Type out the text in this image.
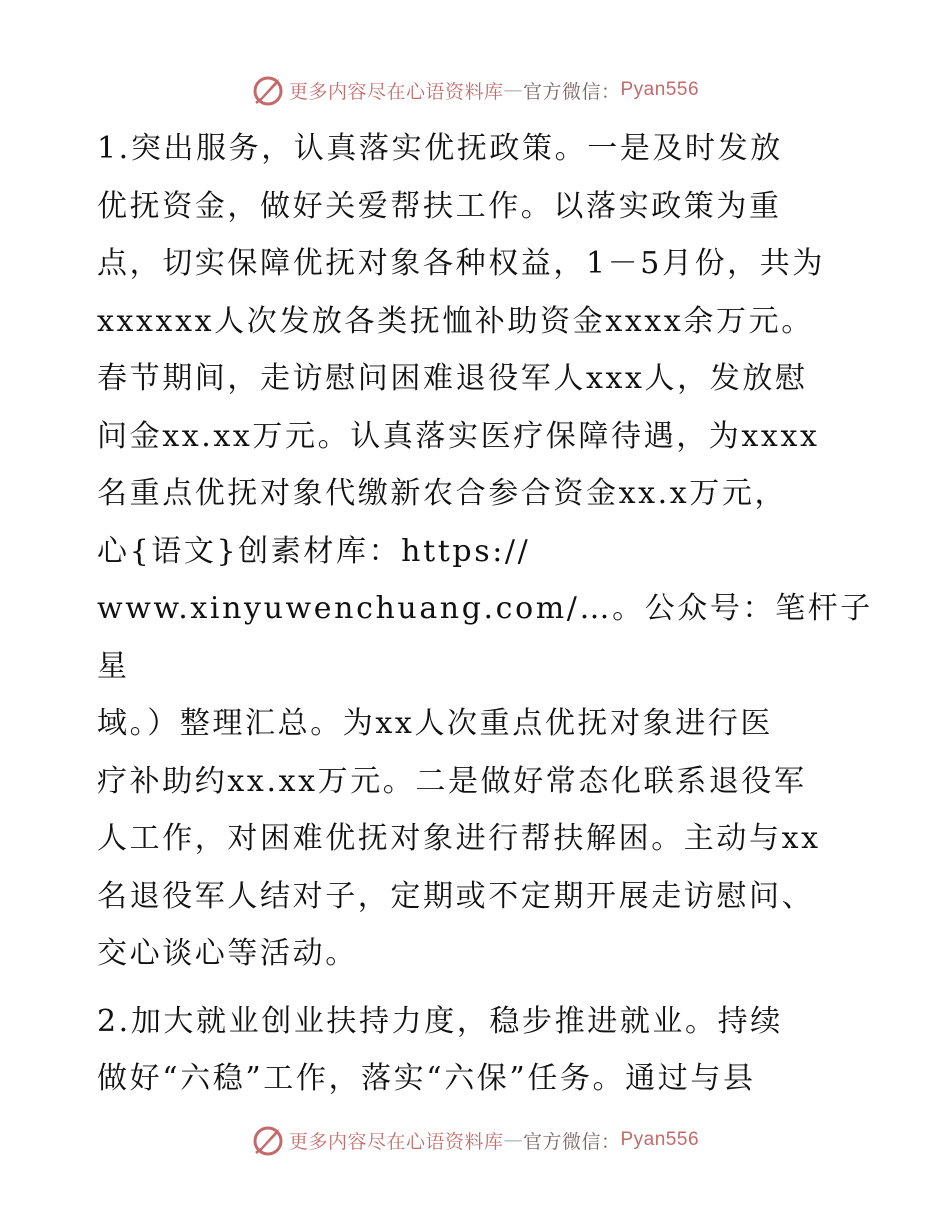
更多内容尽在心语资料库 — 官方微信： Pyan556
1.突出服务，认真落实优抚政策。一是及时发放
优抚资金，做好关爱帮扶工作。以落实政策为重
点，切实保障优抚对象各种权益，1－5月份，共为
xxxxxx人次发放各类抚恤补助资金xxxx余万元。
春节期间，走访慰问困难退役军人xxx人，发放慰
问金xx.xx万元。认真落实医疗保障待遇，为xxxx
名重点优抚对象代缴新农合参合资金xx.x万元，
心{语文}创素材库：https://
www.xinyuwenchuang.com/…。公众号：笔杆子星
域。）整理汇总。为xx人次重点优抚对象进行医
疗补助约xx.xx万元。二是做好常态化联系退役军
人工作，对困难优抚对象进行帮扶解困。主动与xx
名退役军人结对子，定期或不定期开展走访慰问、
交心谈心等活动。
2.加大就业创业扶持力度，稳步推进就业。持续
做好“六稳”工作，落实“六保”任务。通过与县
更多内容尽在心语资料库 — 官方微信： Pyan556
